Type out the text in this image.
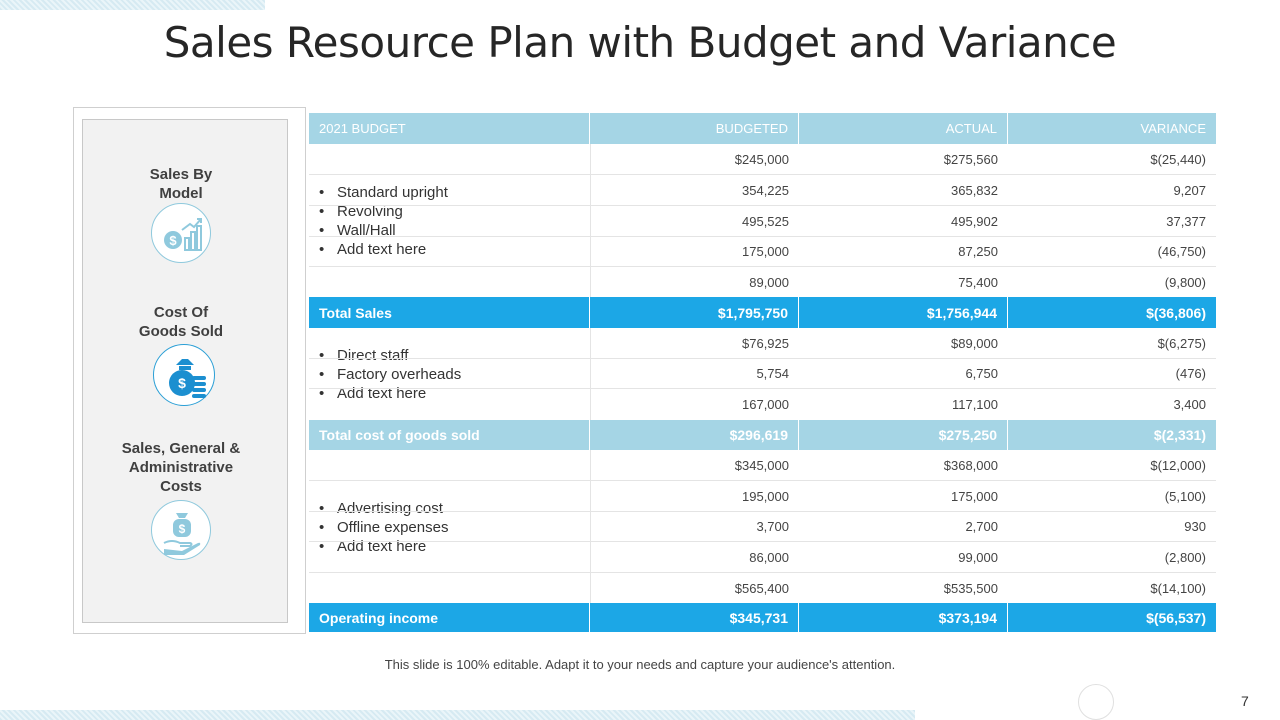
Sales Resource Plan with Budget and Variance
Sales By
Model
$
Cost Of
Goods Sold
$
Sales, General &
Administrative
Costs
$
2021 BUDGET	BUDGETED	ACTUAL	VARIANCE
• Standard upright
• Revolving
• Wall/Hall
• Add text here
$245,000	$275,560	$(25,440)
354,225	365,832	9,207
495,525	495,902	37,377
175,000	87,250	(46,750)
89,000	75,400	(9,800)
Total Sales	$1,795,750	$1,756,944	$(36,806)
• Direct staff
• Factory overheads
• Add text here
$76,925	$89,000	$(6,275)
5,754	6,750	(476)
167,000	117,100	3,400
Total cost of goods sold	$296,619	$275,250	$(2,331)
• Advertising cost
• Offline expenses
• Add text here
$345,000	$368,000	$(12,000)
195,000	175,000	(5,100)
3,700	2,700	930
86,000	99,000	(2,800)
$565,400	$535,500	$(14,100)
Operating income	$345,731	$373,194	$(56,537)
This slide is 100% editable. Adapt it to your needs and capture your audience's attention.
7
